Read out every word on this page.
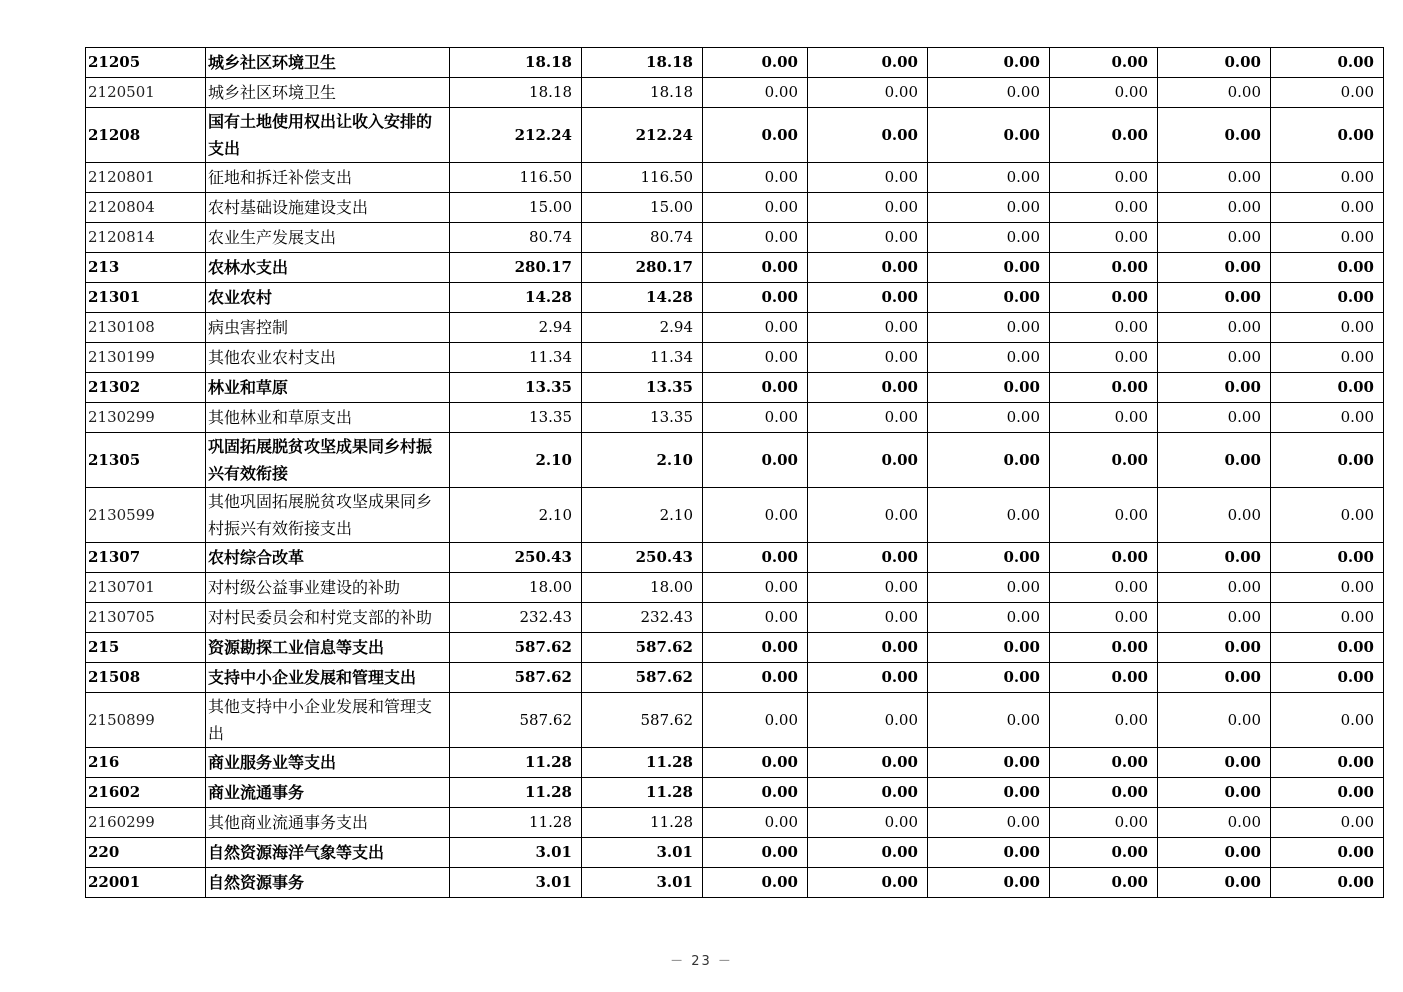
21205	城乡社区环境卫生	18.18	18.18	0.00	0.00	0.00	0.00	0.00	0.00
2120501	城乡社区环境卫生	18.18	18.18	0.00	0.00	0.00	0.00	0.00	0.00
21208	国有土地使用权出让收入安排的支出	212.24	212.24	0.00	0.00	0.00	0.00	0.00	0.00
2120801	征地和拆迁补偿支出	116.50	116.50	0.00	0.00	0.00	0.00	0.00	0.00
2120804	农村基础设施建设支出	15.00	15.00	0.00	0.00	0.00	0.00	0.00	0.00
2120814	农业生产发展支出	80.74	80.74	0.00	0.00	0.00	0.00	0.00	0.00
213	农林水支出	280.17	280.17	0.00	0.00	0.00	0.00	0.00	0.00
21301	农业农村	14.28	14.28	0.00	0.00	0.00	0.00	0.00	0.00
2130108	病虫害控制	2.94	2.94	0.00	0.00	0.00	0.00	0.00	0.00
2130199	其他农业农村支出	11.34	11.34	0.00	0.00	0.00	0.00	0.00	0.00
21302	林业和草原	13.35	13.35	0.00	0.00	0.00	0.00	0.00	0.00
2130299	其他林业和草原支出	13.35	13.35	0.00	0.00	0.00	0.00	0.00	0.00
21305	巩固拓展脱贫攻坚成果同乡村振兴有效衔接	2.10	2.10	0.00	0.00	0.00	0.00	0.00	0.00
2130599	其他巩固拓展脱贫攻坚成果同乡村振兴有效衔接支出	2.10	2.10	0.00	0.00	0.00	0.00	0.00	0.00
21307	农村综合改革	250.43	250.43	0.00	0.00	0.00	0.00	0.00	0.00
2130701	对村级公益事业建设的补助	18.00	18.00	0.00	0.00	0.00	0.00	0.00	0.00
2130705	对村民委员会和村党支部的补助	232.43	232.43	0.00	0.00	0.00	0.00	0.00	0.00
215	资源勘探工业信息等支出	587.62	587.62	0.00	0.00	0.00	0.00	0.00	0.00
21508	支持中小企业发展和管理支出	587.62	587.62	0.00	0.00	0.00	0.00	0.00	0.00
2150899	其他支持中小企业发展和管理支出	587.62	587.62	0.00	0.00	0.00	0.00	0.00	0.00
216	商业服务业等支出	11.28	11.28	0.00	0.00	0.00	0.00	0.00	0.00
21602	商业流通事务	11.28	11.28	0.00	0.00	0.00	0.00	0.00	0.00
2160299	其他商业流通事务支出	11.28	11.28	0.00	0.00	0.00	0.00	0.00	0.00
220	自然资源海洋气象等支出	3.01	3.01	0.00	0.00	0.00	0.00	0.00	0.00
22001	自然资源事务	3.01	3.01	0.00	0.00	0.00	0.00	0.00	0.00
－ 23 －
